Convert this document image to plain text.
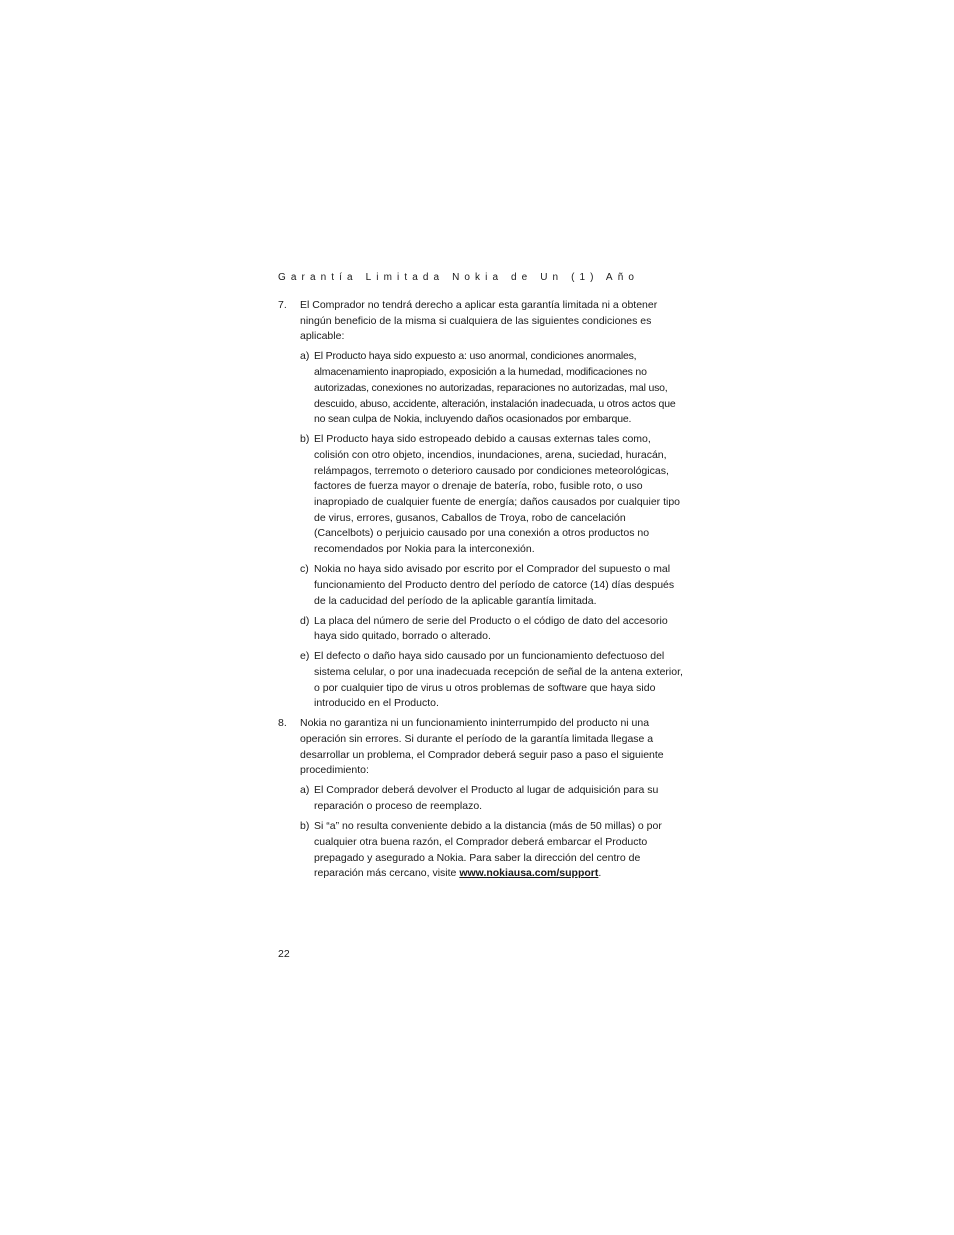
Garantía Limitada Nokia de Un (1) Año
7. El Comprador no tendrá derecho a aplicar esta garantía limitada ni a obtener ningún beneficio de la misma si cualquiera de las siguientes condiciones es aplicable:
a) El Producto haya sido expuesto a: uso anormal, condiciones anormales, almacenamiento inapropiado, exposición a la humedad, modificaciones no autorizadas, conexiones no autorizadas, reparaciones no autorizadas, mal uso, descuido, abuso, accidente, alteración, instalación inadecuada, u otros actos que no sean culpa de Nokia, incluyendo daños ocasionados por embarque.
b) El Producto haya sido estropeado debido a causas externas tales como, colisión con otro objeto, incendios, inundaciones, arena, suciedad, huracán, relámpagos, terremoto o deterioro causado por condiciones meteorológicas, factores de fuerza mayor o drenaje de batería, robo, fusible roto, o uso inapropiado de cualquier fuente de energía; daños causados por cualquier tipo de virus, errores, gusanos, Caballos de Troya, robo de cancelación (Cancelbots) o perjuicio causado por una conexión a otros productos no recomendados por Nokia para la interconexión.
c) Nokia no haya sido avisado por escrito por el Comprador del supuesto o mal funcionamiento del Producto dentro del período de catorce (14) días después de la caducidad del período de la aplicable garantía limitada.
d) La placa del número de serie del Producto o el código de dato del accesorio haya sido quitado, borrado o alterado.
e) El defecto o daño haya sido causado por un funcionamiento defectuoso del sistema celular, o por una inadecuada recepción de señal de la antena exterior, o por cualquier tipo de virus u otros problemas de software que haya sido introducido en el Producto.
8. Nokia no garantiza ni un funcionamiento ininterrumpido del producto ni una operación sin errores. Si durante el período de la garantía limitada llegase a desarrollar un problema, el Comprador deberá seguir paso a paso el siguiente procedimiento:
a) El Comprador deberá devolver el Producto al lugar de adquisición para su reparación o proceso de reemplazo.
b) Si “a” no resulta conveniente debido a la distancia (más de 50 millas) o por cualquier otra buena razón, el Comprador deberá embarcar el Producto prepagado y asegurado a Nokia. Para saber la dirección del centro de reparación más cercano, visite www.nokiausa.com/support.
22
